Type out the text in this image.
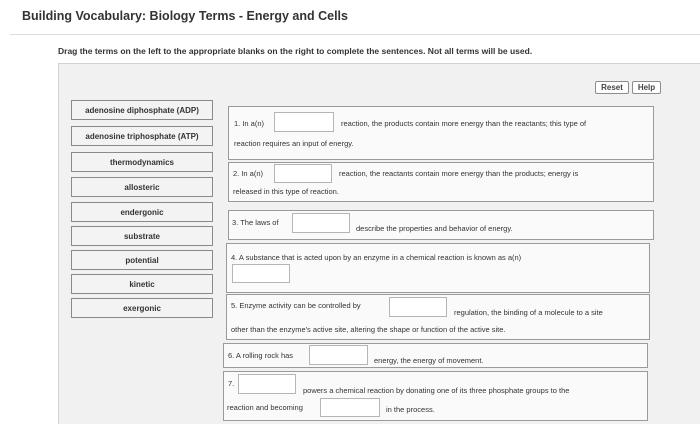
Building Vocabulary: Biology Terms - Energy and Cells
Drag the terms on the left to the appropriate blanks on the right to complete the sentences. Not all terms will be used.
Reset	Help
adenosine diphosphate (ADP)
adenosine triphosphate (ATP)
thermodynamics
allosteric
endergonic
substrate
potential
kinetic
exergonic
1. In a(n)	reaction, the products contain more energy than the reactants; this type of
reaction requires an input of energy.
2. In a(n)	reaction, the reactants contain more energy than the products; energy is
released in this type of reaction.
3. The laws of
describe the properties and behavior of energy.
4. A substance that is acted upon by an enzyme in a chemical reaction is known as a(n)
5. Enzyme activity can be controlled by
regulation, the binding of a molecule to a site
other than the enzyme's active site, altering the shape or function of the active site.
6. A rolling rock has
energy, the energy of movement.
7.
powers a chemical reaction by donating one of its three phosphate groups to the
reaction and becoming	in the process.
